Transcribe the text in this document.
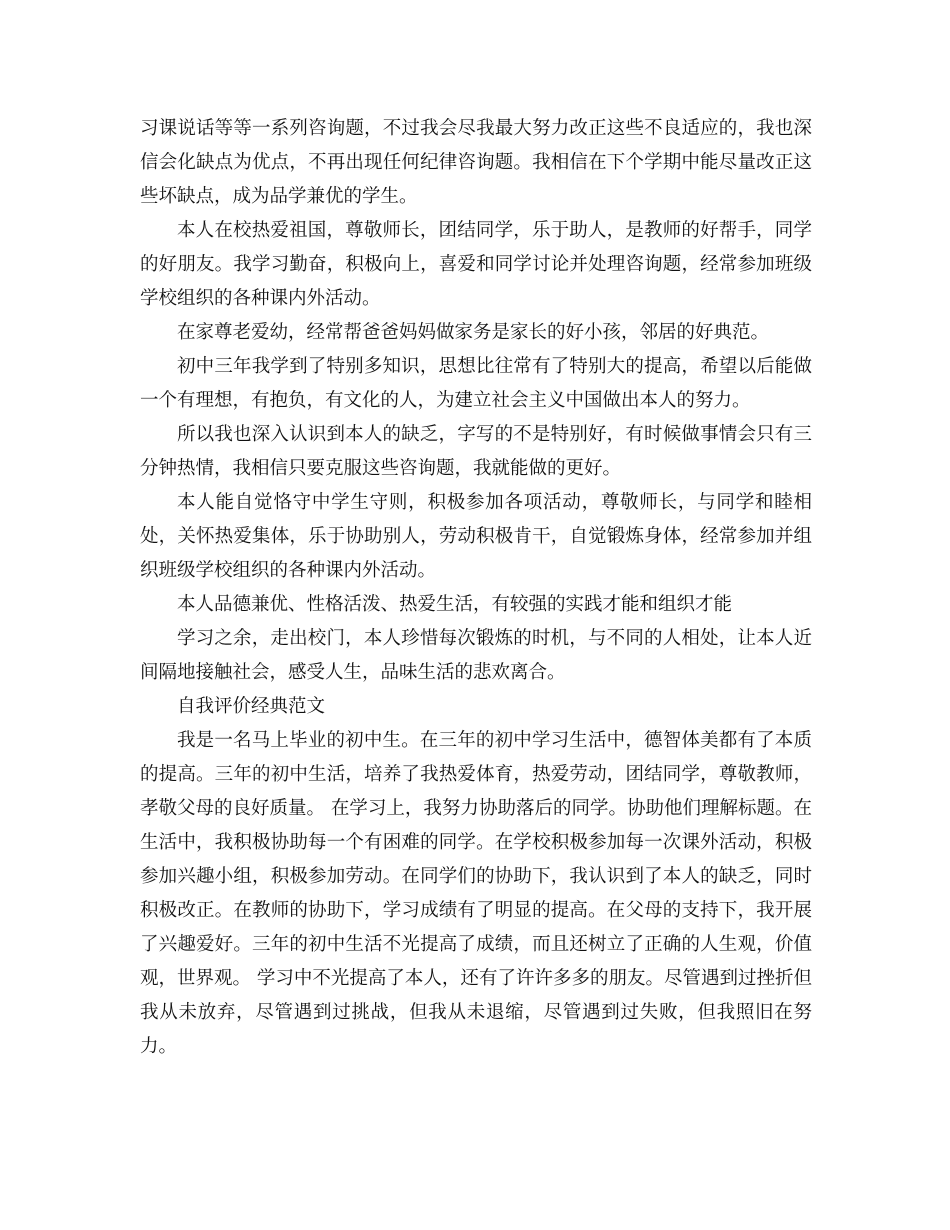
习课说话等等一系列咨询题，不过我会尽我最大努力改正这些不良适应的，我也深信会化缺点为优点，不再出现任何纪律咨询题。我相信在下个学期中能尽量改正这些坏缺点，成为品学兼优的学生。

本人在校热爱祖国，尊敬师长，团结同学，乐于助人，是教师的好帮手，同学的好朋友。我学习勤奋，积极向上，喜爱和同学讨论并处理咨询题，经常参加班级学校组织的各种课内外活动。

在家尊老爱幼，经常帮爸爸妈妈做家务是家长的好小孩，邻居的好典范。

初中三年我学到了特别多知识，思想比往常有了特别大的提高，希望以后能做一个有理想，有抱负，有文化的人，为建立社会主义中国做出本人的努力。

所以我也深入认识到本人的缺乏，字写的不是特别好，有时候做事情会只有三分钟热情，我相信只要克服这些咨询题，我就能做的更好。

本人能自觉恪守中学生守则，积极参加各项活动，尊敬师长，与同学和睦相处，关怀热爱集体，乐于协助别人，劳动积极肯干，自觉锻炼身体，经常参加并组织班级学校组织的各种课内外活动。

本人品德兼优、性格活泼、热爱生活，有较强的实践才能和组织才能

学习之余，走出校门，本人珍惜每次锻炼的时机，与不同的人相处，让本人近间隔地接触社会，感受人生，品味生活的悲欢离合。

自我评价经典范文

我是一名马上毕业的初中生。在三年的初中学习生活中，德智体美都有了本质的提高。三年的初中生活，培养了我热爱体育，热爱劳动，团结同学，尊敬教师，孝敬父母的良好质量。 在学习上，我努力协助落后的同学。协助他们理解标题。在生活中，我积极协助每一个有困难的同学。在学校积极参加每一次课外活动，积极参加兴趣小组，积极参加劳动。在同学们的协助下，我认识到了本人的缺乏，同时积极改正。在教师的协助下，学习成绩有了明显的提高。在父母的支持下，我开展了兴趣爱好。三年的初中生活不光提高了成绩，而且还树立了正确的人生观，价值观，世界观。 学习中不光提高了本人，还有了许许多多的朋友。尽管遇到过挫折但我从未放弃，尽管遇到过挑战，但我从未退缩，尽管遇到过失败，但我照旧在努力。
